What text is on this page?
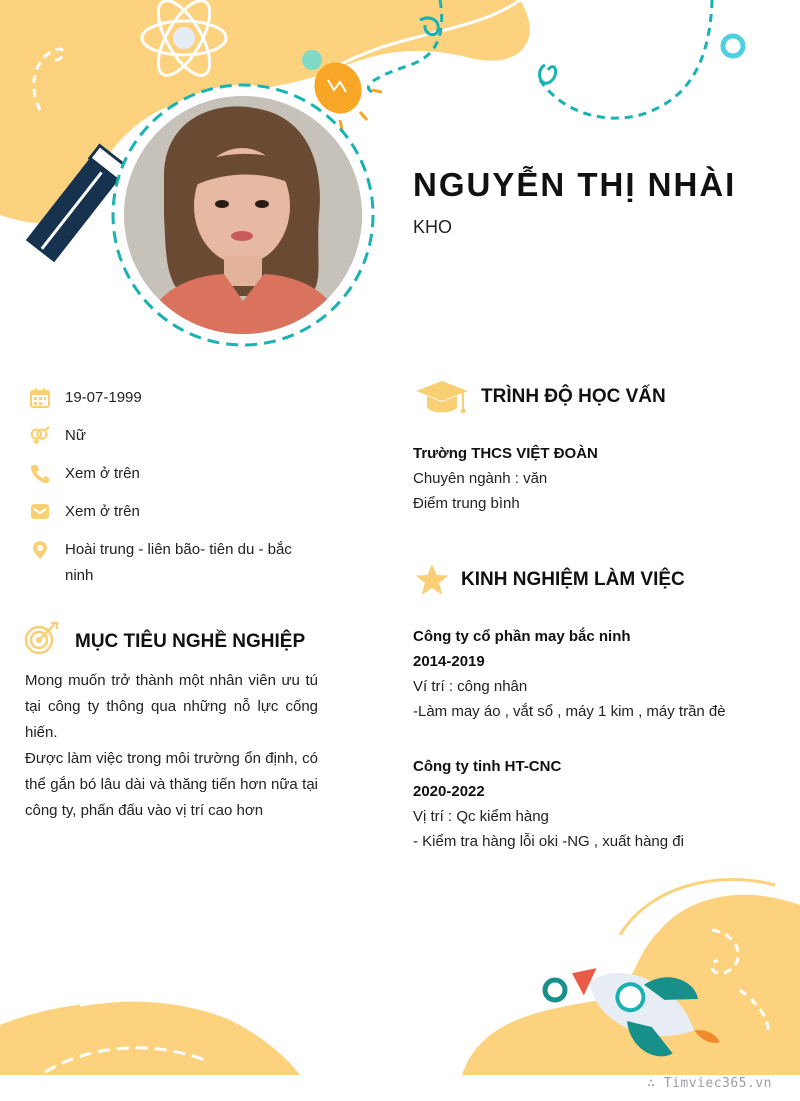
NGUYỄN THỊ NHÀI
KHO
19-07-1999
Nữ
Xem ở trên
Xem ở trên
Hoài trung - liên bão- tiên du - bắc ninh
MỤC TIÊU NGHỀ NGHIỆP

Mong muốn trở thành một nhân viên ưu tú tại công ty thông qua những nỗ lực cống hiến.

Được làm việc trong môi trường ổn định, có thể gắn bó lâu dài và thăng tiến hơn nữa tại công ty, phấn đấu vào vị trí cao hơn

TRÌNH ĐỘ HỌC VẤN
Trường THCS VIỆT ĐOÀN
Chuyên ngành : văn
Điểm trung bình
KINH NGHIỆM LÀM VIỆC
Công ty cổ phần may bắc ninh
2014-2019
Ví trí : công nhân
-Làm may áo , vắt sổ , máy 1 kim , máy trần đè
Công ty tinh HT-CNC
2020-2022
Vị trí : Qc kiểm hàng
- Kiểm tra hàng lỗi oki -NG , xuất hàng đi
∴ Timviec365.vn
